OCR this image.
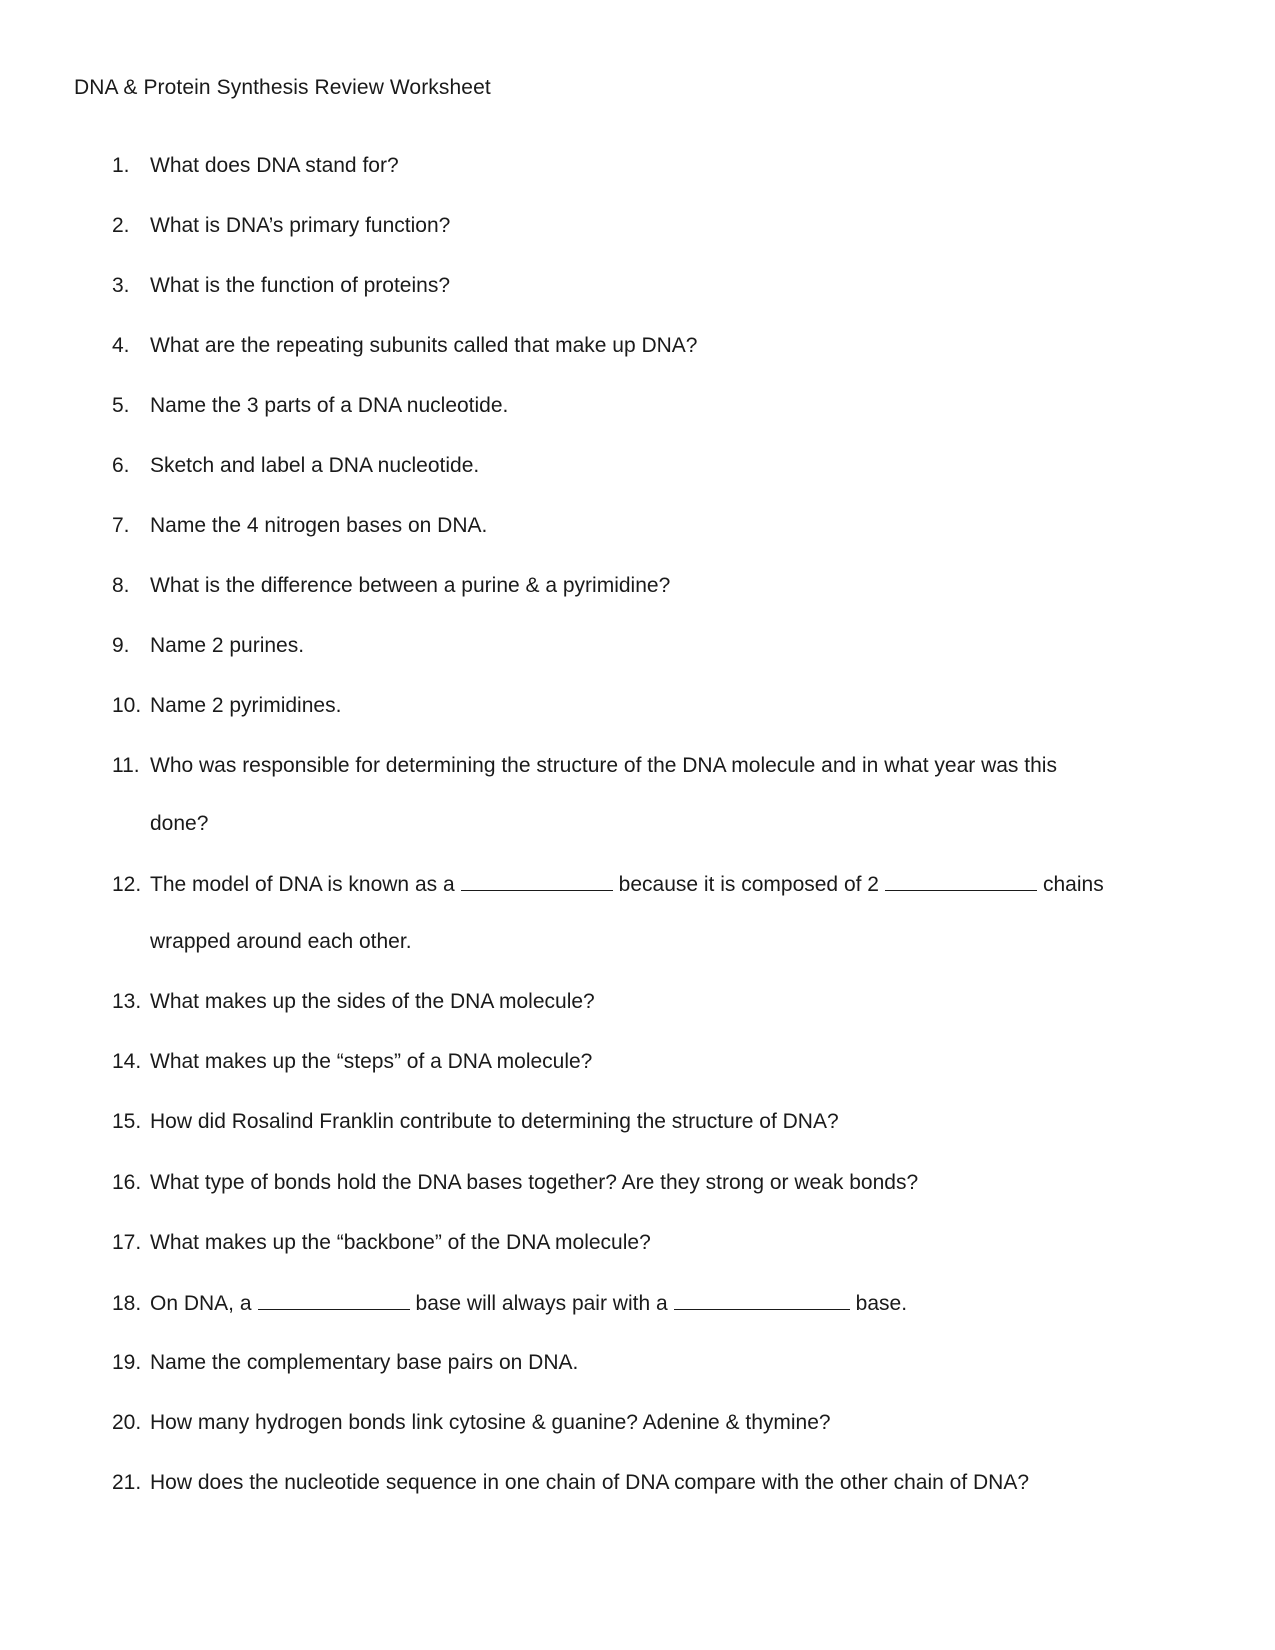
DNA & Protein Synthesis Review Worksheet
1. What does DNA stand for?
2. What is DNA’s primary function?
3. What is the function of proteins?
4. What are the repeating subunits called that make up DNA?
5. Name the 3 parts of a DNA nucleotide.
6. Sketch and label a DNA nucleotide.
7. Name the 4 nitrogen bases on DNA.
8. What is the difference between a purine & a pyrimidine?
9. Name 2 purines.
10. Name 2 pyrimidines.
11. Who was responsible for determining the structure of the DNA molecule and in what year was this
done?
12. The model of DNA is known as a	because it is composed of 2	chains
wrapped around each other.
13. What makes up the sides of the DNA molecule?
14. What makes up the “steps” of a DNA molecule?
15. How did Rosalind Franklin contribute to determining the structure of DNA?
16. What type of bonds hold the DNA bases together? Are they strong or weak bonds?
17. What makes up the “backbone” of the DNA molecule?
18. On DNA, a	base will always pair with a	base.
19. Name the complementary base pairs on DNA.
20. How many hydrogen bonds link cytosine & guanine? Adenine & thymine?
21. How does the nucleotide sequence in one chain of DNA compare with the other chain of DNA?
